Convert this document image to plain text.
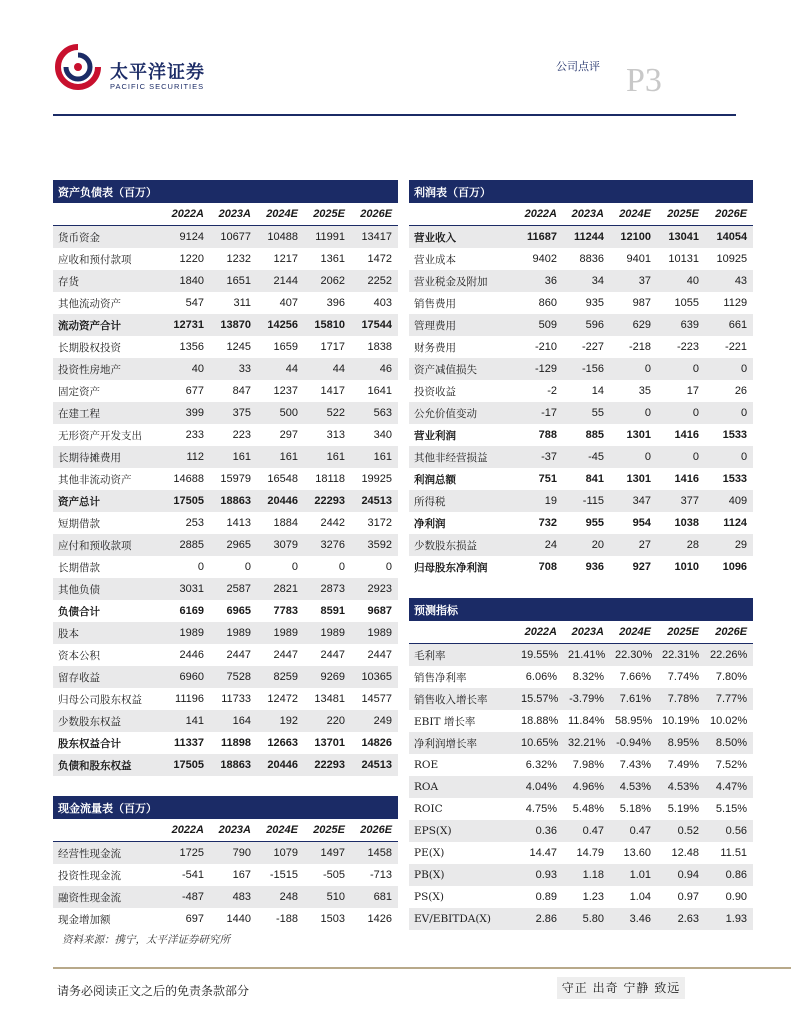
太平洋证券
PACIFIC SECURITIES
公司点评 P3
资产负债表（百万）					
	2022A	2023A	2024E	2025E	2026E
货币资金	9124	10677	10488	11991	13417
应收和预付款项	1220	1232	1217	1361	1472
存货	1840	1651	2144	2062	2252
其他流动资产	547	311	407	396	403
流动资产合计	12731	13870	14256	15810	17544
长期股权投资	1356	1245	1659	1717	1838
投资性房地产	40	33	44	44	46
固定资产	677	847	1237	1417	1641
在建工程	399	375	500	522	563
无形资产开发支出	233	223	297	313	340
长期待摊费用	112	161	161	161	161
其他非流动资产	14688	15979	16548	18118	19925
资产总计	17505	18863	20446	22293	24513
短期借款	253	1413	1884	2442	3172
应付和预收款项	2885	2965	3079	3276	3592
长期借款	0	0	0	0	0
其他负债	3031	2587	2821	2873	2923
负债合计	6169	6965	7783	8591	9687
股本	1989	1989	1989	1989	1989
资本公积	2446	2447	2447	2447	2447
留存收益	6960	7528	8259	9269	10365
归母公司股东权益	11196	11733	12472	13481	14577
少数股东权益	141	164	192	220	249
股东权益合计	11337	11898	12663	13701	14826
负债和股东权益	17505	18863	20446	22293	24513
现金流量表（百万）					
	2022A	2023A	2024E	2025E	2026E
经营性现金流	1725	790	1079	1497	1458
投资性现金流	-541	167	-1515	-505	-713
融资性现金流	-487	483	248	510	681
现金增加额	697	1440	-188	1503	1426
利润表（百万）					
	2022A	2023A	2024E	2025E	2026E
营业收入	11687	11244	12100	13041	14054
营业成本	9402	8836	9401	10131	10925
营业税金及附加	36	34	37	40	43
销售费用	860	935	987	1055	1129
管理费用	509	596	629	639	661
财务费用	-210	-227	-218	-223	-221
资产减值损失	-129	-156	0	0	0
投资收益	-2	14	35	17	26
公允价值变动	-17	55	0	0	0
营业利润	788	885	1301	1416	1533
其他非经营损益	-37	-45	0	0	0
利润总额	751	841	1301	1416	1533
所得税	19	-115	347	377	409
净利润	732	955	954	1038	1124
少数股东损益	24	20	27	28	29
归母股东净利润	708	936	927	1010	1096
预测指标					
	2022A	2023A	2024E	2025E	2026E
毛利率	19.55%	21.41%	22.30%	22.31%	22.26%
销售净利率	6.06%	8.32%	7.66%	7.74%	7.80%
销售收入增长率	15.57%	-3.79%	7.61%	7.78%	7.77%
EBIT 增长率	18.88%	11.84%	58.95%	10.19%	10.02%
净利润增长率	10.65%	32.21%	-0.94%	8.95%	8.50%
ROE	6.32%	7.98%	7.43%	7.49%	7.52%
ROA	4.04%	4.96%	4.53%	4.53%	4.47%
ROIC	4.75%	5.48%	5.18%	5.19%	5.15%
EPS(X)	0.36	0.47	0.47	0.52	0.56
PE(X)	14.47	14.79	13.60	12.48	11.51
PB(X)	0.93	1.18	1.01	0.94	0.86
PS(X)	0.89	1.23	1.04	0.97	0.90
EV/EBITDA(X)	2.86	5.80	3.46	2.63	1.93
资料来源：携宁，太平洋证券研究所
请务必阅读正文之后的免责条款部分	守正 出奇 宁静 致远
